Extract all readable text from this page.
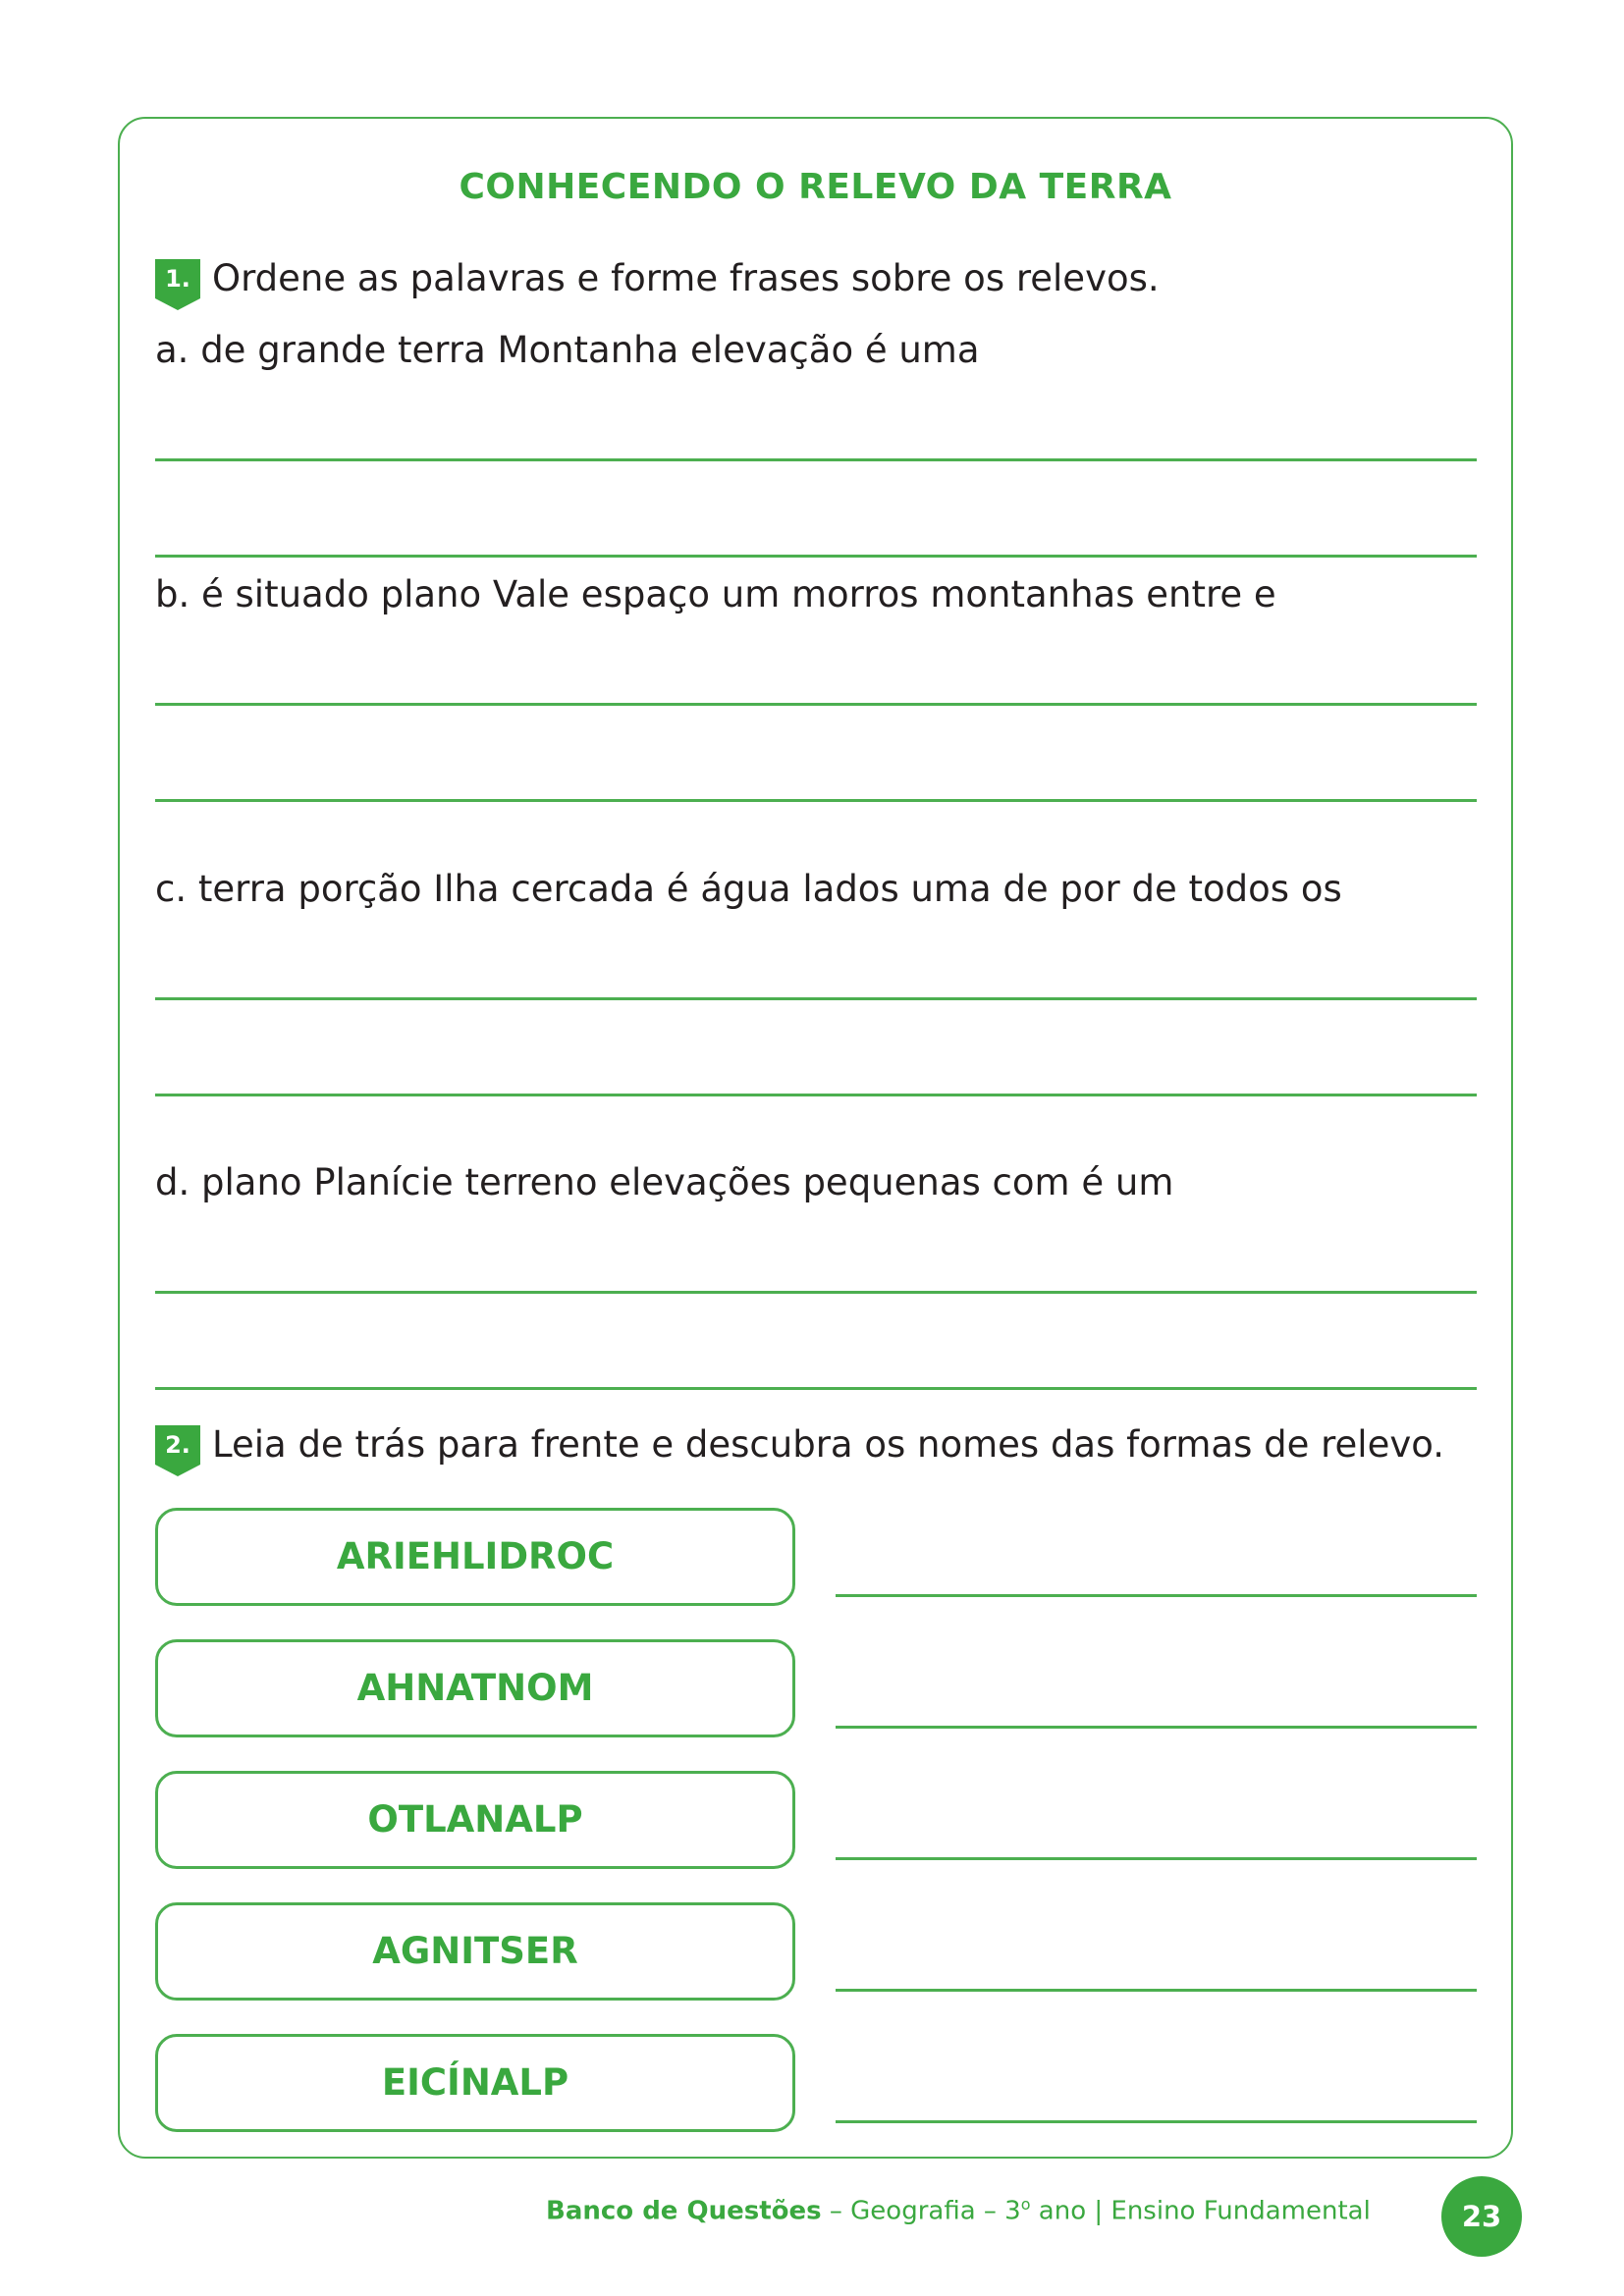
CONHECENDO O RELEVO DA TERRA
1. Ordene as palavras e forme frases sobre os relevos.
a. de grande terra Montanha elevação é uma
b. é situado plano Vale espaço um morros montanhas entre e
c. terra porção Ilha cercada é água lados uma de por de todos os
d. plano Planície terreno elevações pequenas com é um
2. Leia de trás para frente e descubra os nomes das formas de relevo.
ARIEHLIDROC
AHNATNOM
OTLANALP
AGNITSER
EICÍNALP
Banco de Questões – Geografia – 3$^o$ ano | Ensino Fundamental	23
